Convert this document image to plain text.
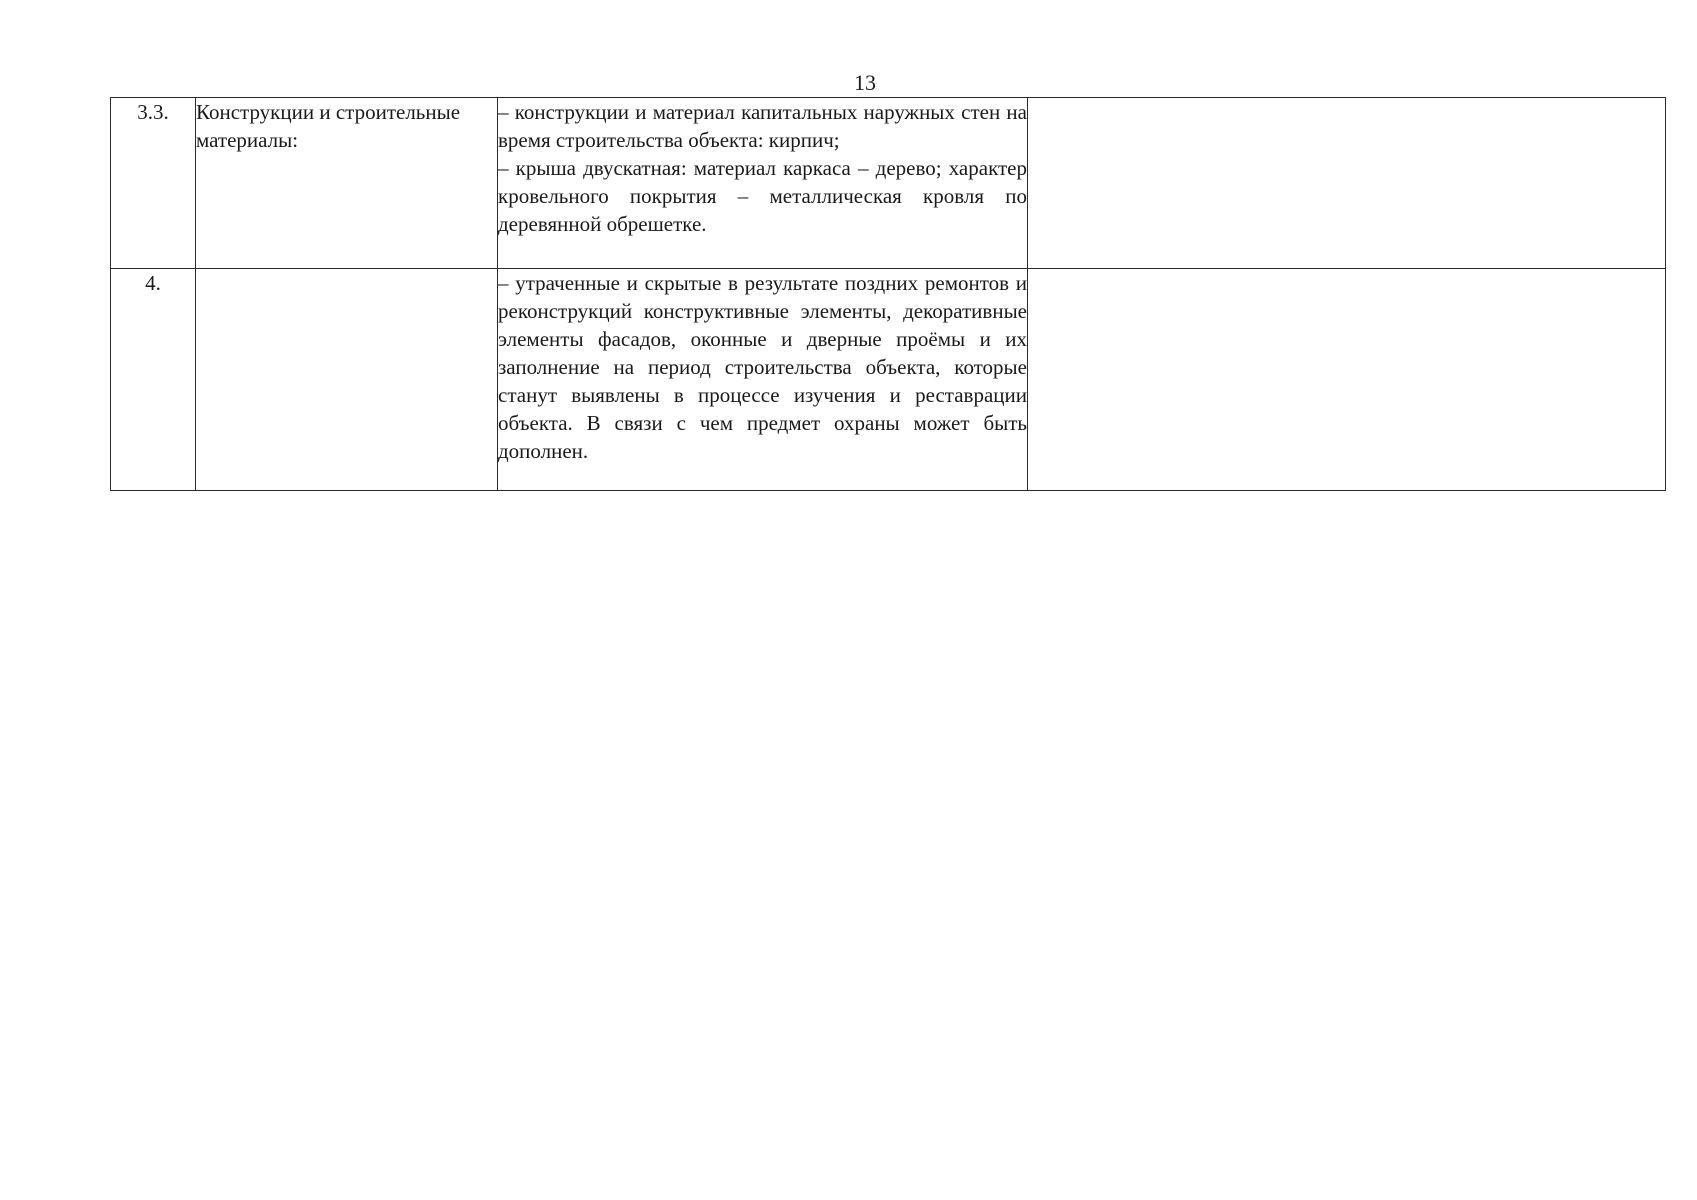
13
3.3.	Конструкции и строительные материалы:	– конструкции и материал капитальных наружных стен на время строительства объекта: кирпич;

– крыша двускатная: материал каркаса – дерево; характер кровельного покрытия – металлическая кровля по деревянной обрешетке.	

4.		– утраченные и скрытые в результате поздних ремонтов и реконструкций конструктивные элементы, декоративные элементы фасадов, оконные и дверные проёмы и их заполнение на период строительства объекта, которые станут выявлены в процессе изучения и реставрации объекта. В связи с чем предмет охраны может быть дополнен.	
